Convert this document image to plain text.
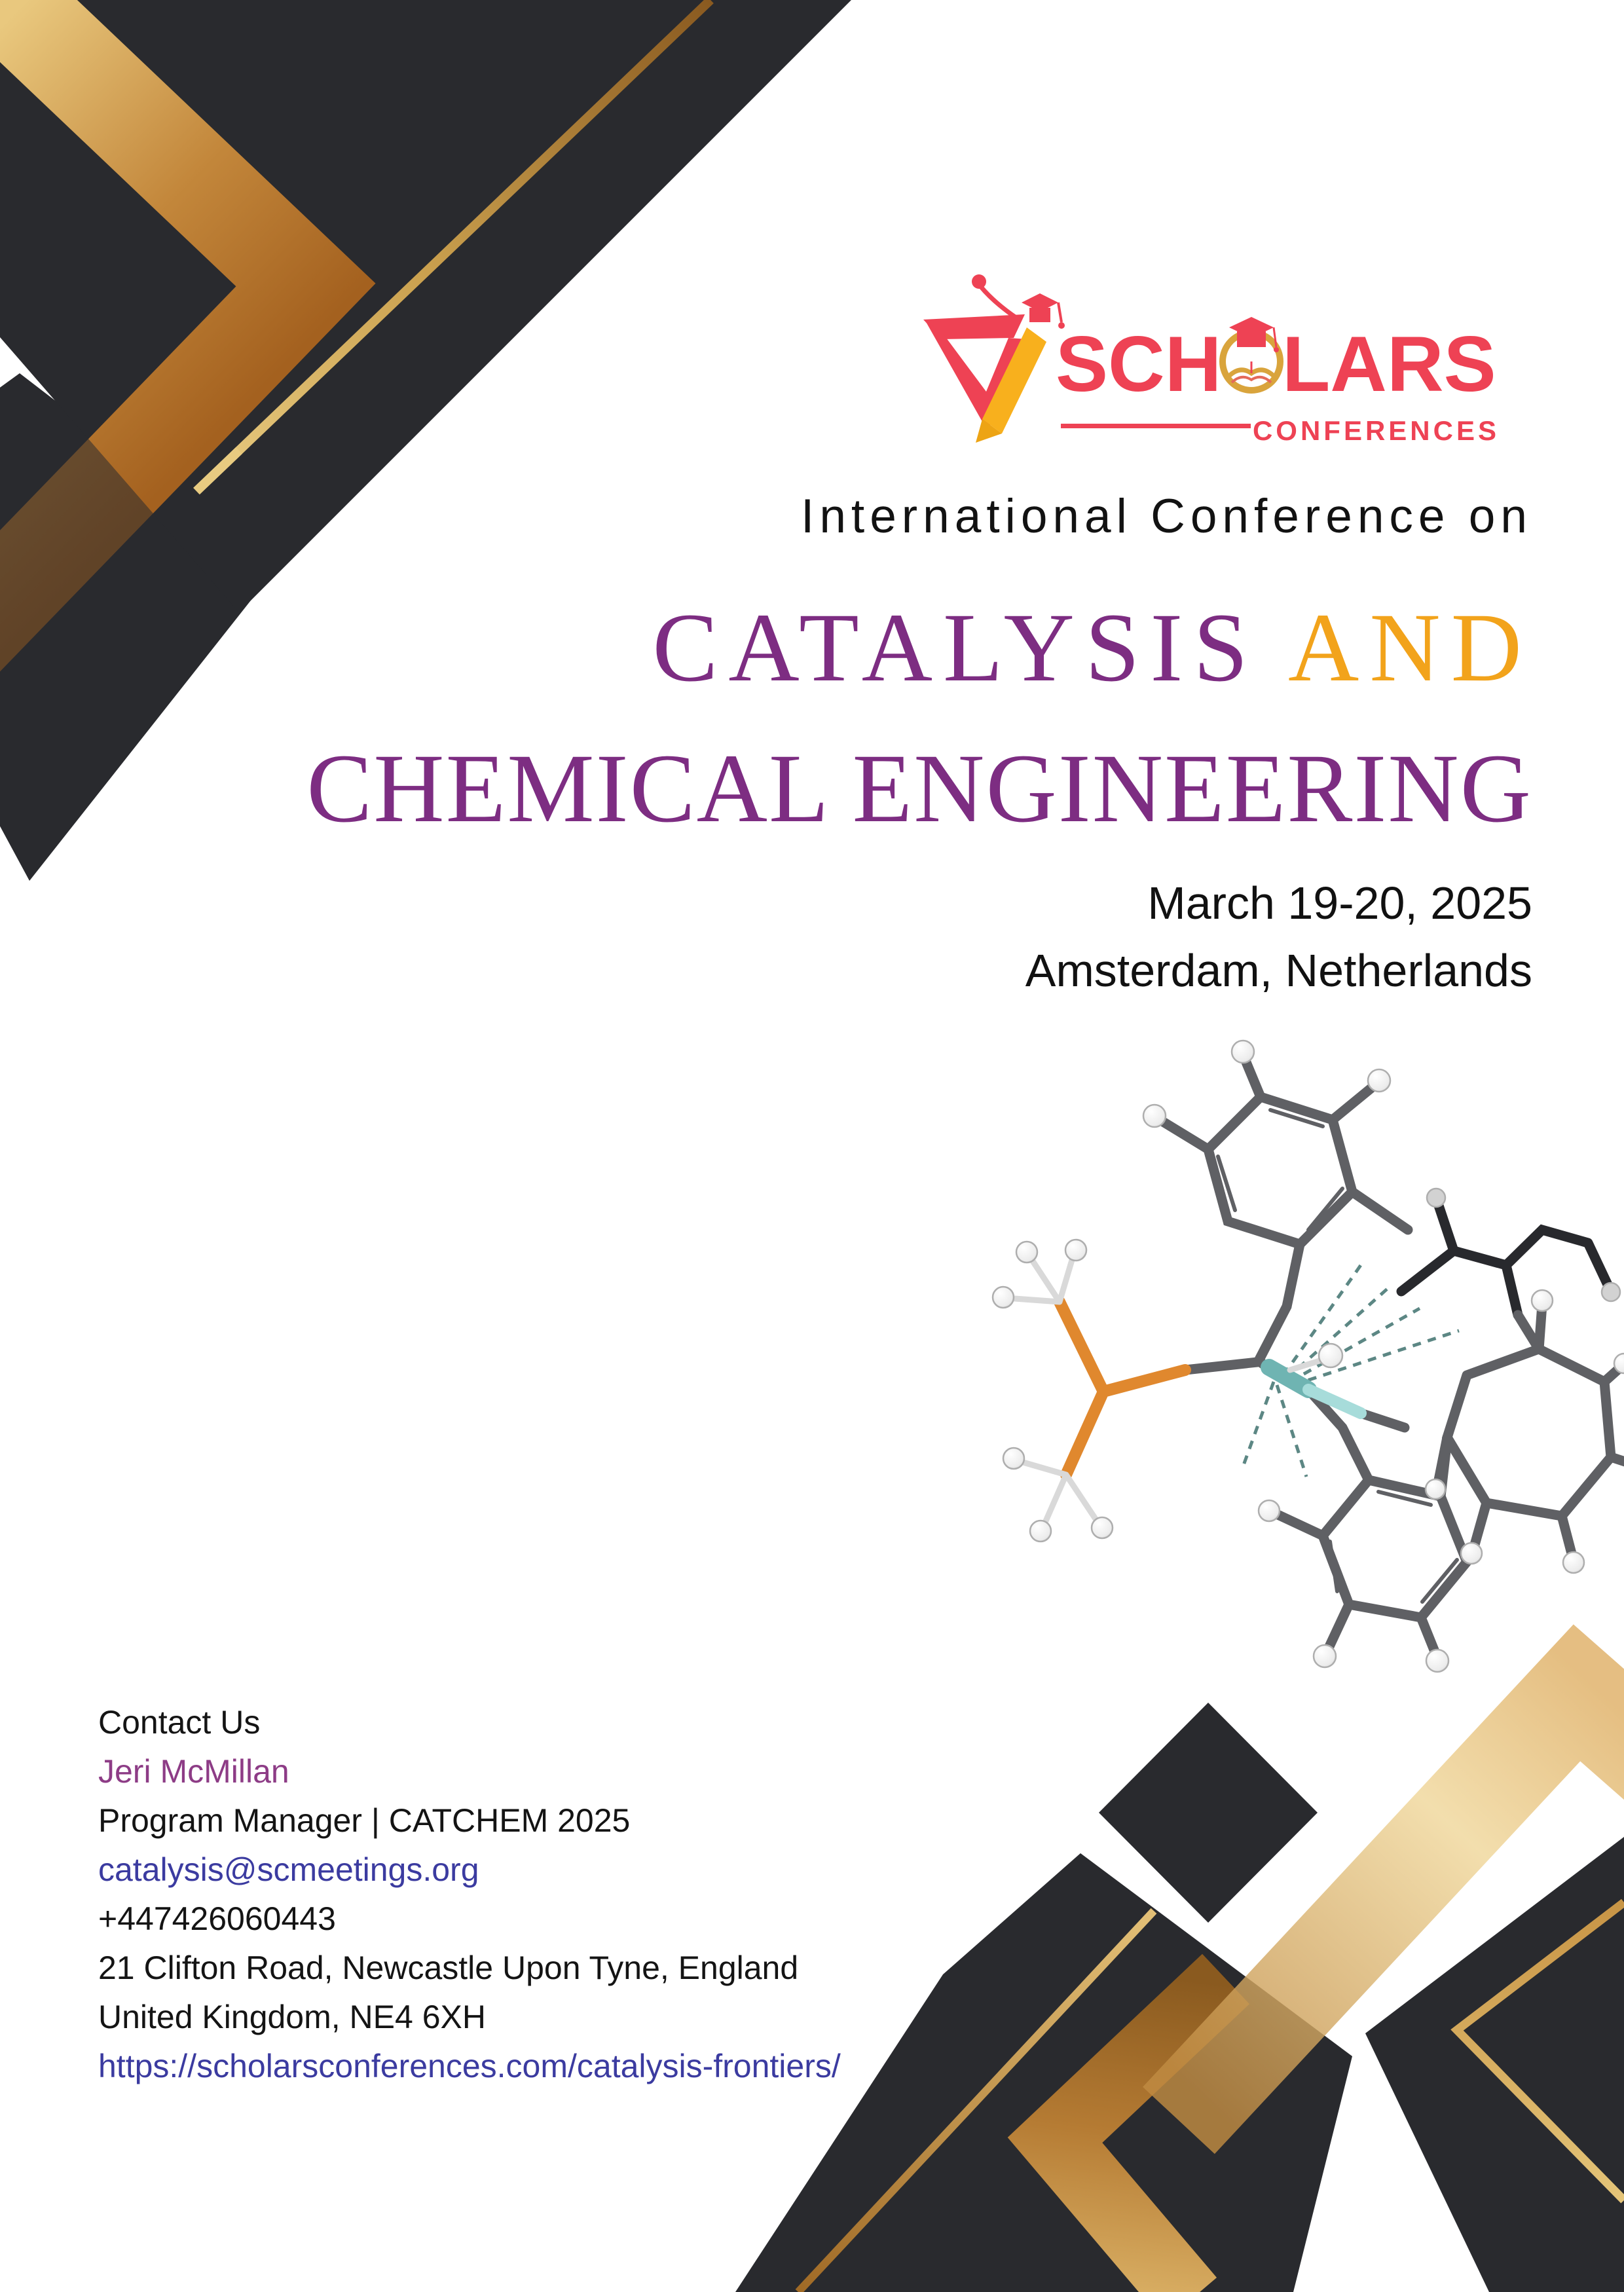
SCH LARS
CONFERENCES
International Conference on
CATALYSIS AND
CHEMICAL ENGINEERING
March 19-20, 2025
Amsterdam, Netherlands
Contact Us
Jeri McMillan
Program Manager | CATCHEM 2025
catalysis@scmeetings.org
+447426060443
21 Clifton Road, Newcastle Upon Tyne, England
United Kingdom, NE4 6XH
https://scholarsconferences.com/catalysis-frontiers/
